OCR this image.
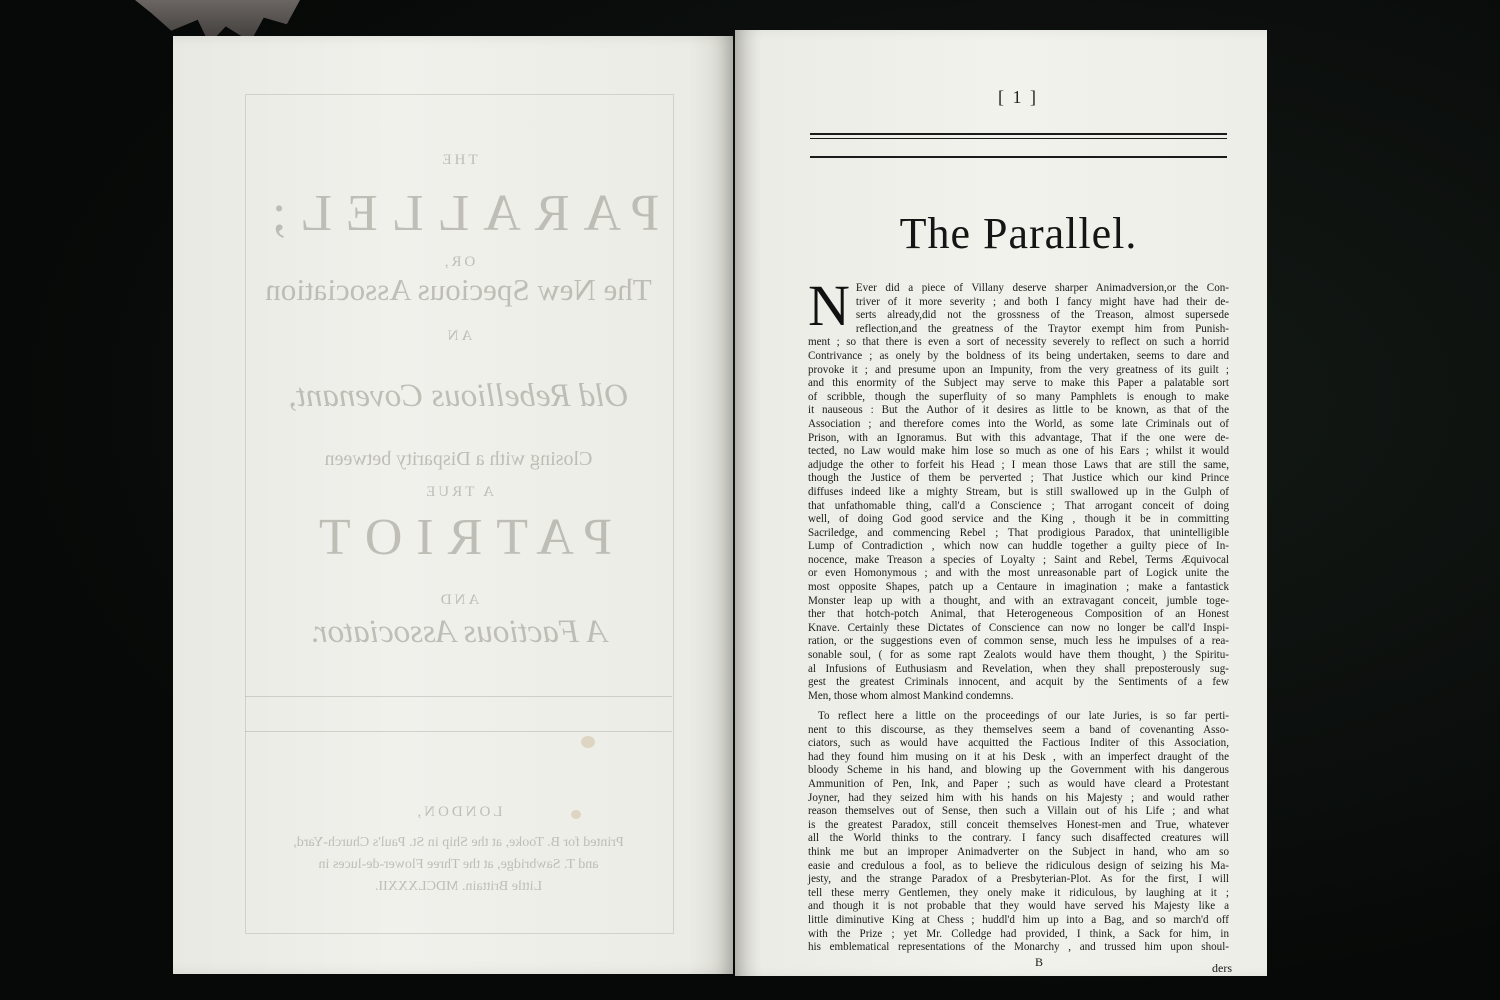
THE
PARALLEL;
OR,
The New Specious Association
AN
Old Rebellious Covenant,
Closing with a Disparity between
A TRUE
PATRIOT
AND
A Factious Associator.
LONDON,
Printed for B. Tooke, at the Ship in St. Paul's Church-Yard,
and T. Sawbridge, at the Three Flower-de-luces in
Little Brittain. MDCLXXXII.
[ 1 ]
The Parallel.
N Ever did a piece of Villany deserve sharper Animadversion,or the Con-
triver of it more severity ; and both I fancy might have had their de-
serts already,did not the grossness of the Treason, almost supersede
reflection,and the greatness of the Traytor exempt him from Punish-
ment ; so that there is even a sort of necessity severely to reflect on such a horrid
Contrivance ; as onely by the boldness of its being undertaken, seems to dare and
provoke it ; and presume upon an Impunity, from the very greatness of its guilt ;
and this enormity of the Subject may serve to make this Paper a palatable sort
of scribble, though the superfluity of so many Pamphlets is enough to make
it nauseous : But the Author of it desires as little to be known, as that of the
Association ; and therefore comes into the World, as some late Criminals out of
Prison, with an Ignoramus. But with this advantage, That if the one were de-
tected, no Law would make him lose so much as one of his Ears ; whilst it would
adjudge the other to forfeit his Head ; I mean those Laws that are still the same,
though the Justice of them be perverted ; That Justice which our kind Prince
diffuses indeed like a mighty Stream, but is still swallowed up in the Gulph of
that unfathomable thing, call'd a Conscience ; That arrogant conceit of doing
well, of doing God good service and the King , though it be in committing
Sacriledge, and commencing Rebel ; That prodigious Paradox, that unintelligible
Lump of Contradiction , which now can huddle together a guilty piece of In-
nocence, make Treason a species of Loyalty ; Saint and Rebel, Terms Æquivocal
or even Homonymous ; and with the most unreasonable part of Logick unite the
most opposite Shapes, patch up a Centaure in imagination ; make a fantastick
Monster leap up with a thought, and with an extravagant conceit, jumble toge-
ther that hotch-potch Animal, that Heterogeneous Composition of an Honest
Knave. Certainly these Dictates of Conscience can now no longer be call'd Inspi-
ration, or the suggestions even of common sense, much less he impulses of a rea-
sonable soul, ( for as some rapt Zealots would have them thought, ) the Spiritu-
al Infusions of Euthusiasm and Revelation, when they shall preposterously sug-
gest the greatest Criminals innocent, and acquit by the Sentiments of a few
Men, those whom almost Mankind condemns.
To reflect here a little on the proceedings of our late Juries, is so far perti-
nent to this discourse, as they themselves seem a band of covenanting Asso-
ciators, such as would have acquitted the Factious Inditer of this Association,
had they found him musing on it at his Desk , with an imperfect draught of the
bloody Scheme in his hand, and blowing up the Government with his dangerous
Ammunition of Pen, Ink, and Paper ; such as would have cleard a Protestant
Joyner, had they seized him with his hands on his Majesty ; and would rather
reason themselves out of Sense, then such a Villain out of his Life ; and what
is the greatest Paradox, still conceit themselves Honest-men and True, whatever
all the World thinks to the contrary. I fancy such disaffected creatures will
think me but an improper Animadverter on the Subject in hand, who am so
easie and credulous a fool, as to believe the ridiculous design of seizing his Ma-
jesty, and the strange Paradox of a Presbyterian-Plot. As for the first, I will
tell these merry Gentlemen, they onely make it ridiculous, by laughing at it ;
and though it is not probable that they would have served his Majesty like a
little diminutive King at Chess ; huddl'd him up into a Bag, and so march'd off
with the Prize ; yet Mr. Colledge had provided, I think, a Sack for him, in
his emblematical representations of the Monarchy , and trussed him upon shoul-
B	ders
